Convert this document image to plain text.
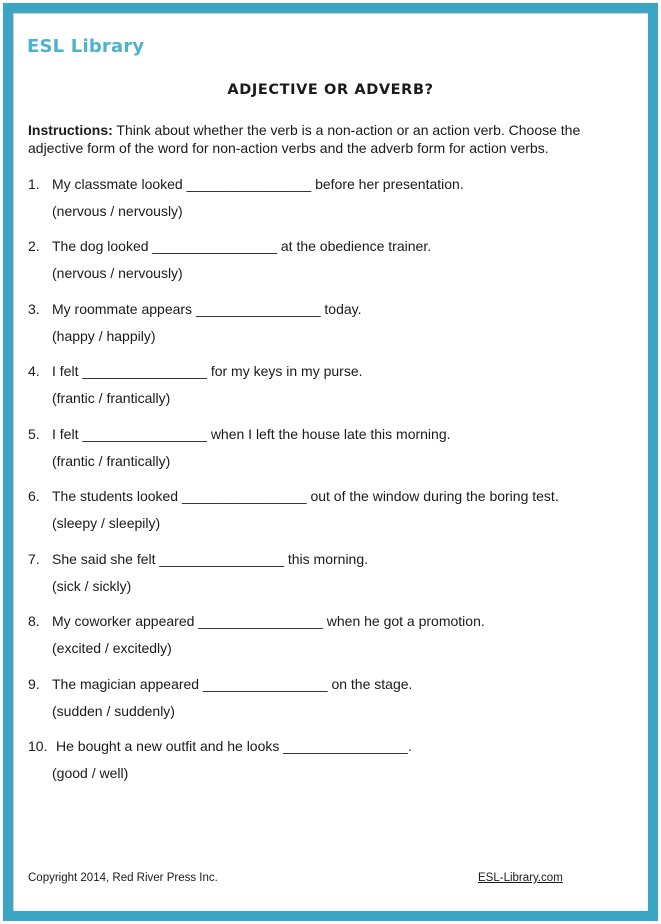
ESL Library
ADJECTIVE OR ADVERB?
Instructions: Think about whether the verb is a non-action or an action verb. Choose the adjective form of the word for non-action verbs and the adverb form for action verbs.
1. My classmate looked ________________ before her presentation.
(nervous / nervously)
2. The dog looked ________________ at the obedience trainer.
(nervous / nervously)
3. My roommate appears ________________ today.
(happy / happily)
4. I felt ________________ for my keys in my purse.
(frantic / frantically)
5. I felt ________________ when I left the house late this morning.
(frantic / frantically)
6. The students looked ________________ out of the window during the boring test.
(sleepy / sleepily)
7. She said she felt ________________ this morning.
(sick / sickly)
8. My coworker appeared ________________ when he got a promotion.
(excited / excitedly)
9. The magician appeared ________________ on the stage.
(sudden / suddenly)
10. He bought a new outfit and he looks ________________.
(good / well)
Copyright 2014, Red River Press Inc.	ESL-Library.com
